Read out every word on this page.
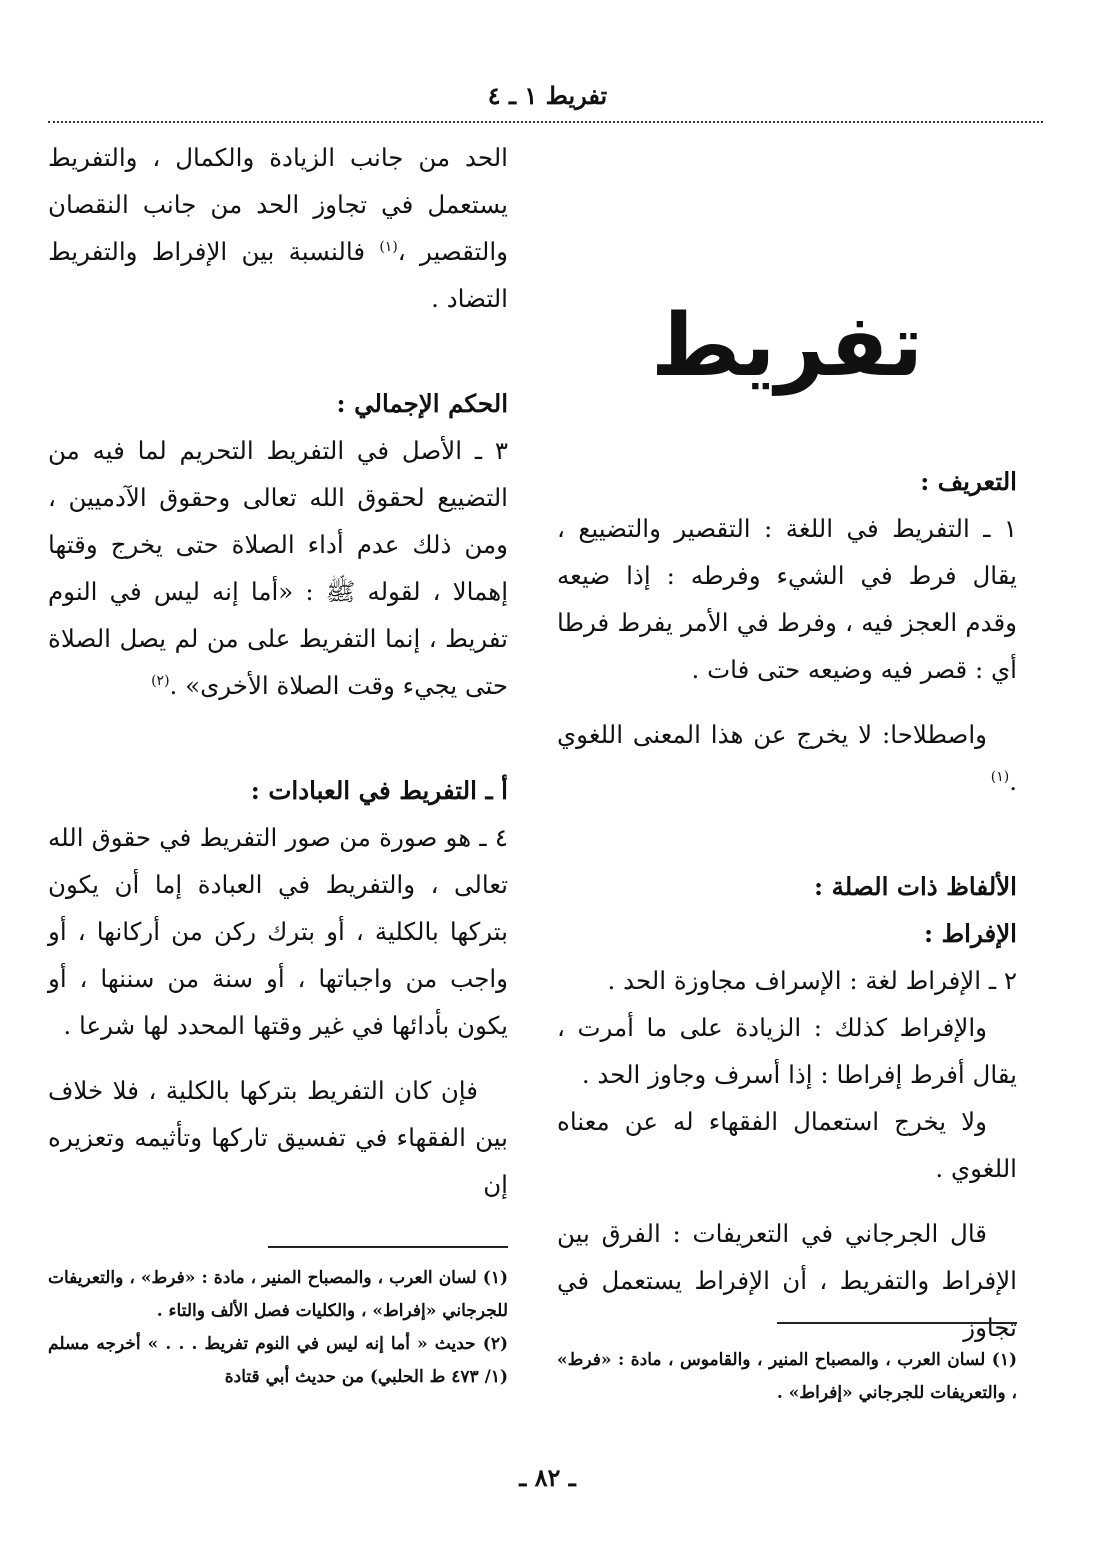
تفريط ١ ـ ٤
تفريط

التعريف :

١ ـ التفريط في اللغة : التقصير والتضييع ، يقال فرط في الشيء وفرطه : إذا ضيعه وقدم العجز فيه ، وفرط في الأمر يفرط فرطا أي : قصر فيه وضيعه حتى فات .

واصطلاحا: لا يخرج عن هذا المعنى اللغوي .$^{(١)}$

الألفاظ ذات الصلة :

الإفراط :

٢ ـ الإفراط لغة : الإسراف مجاوزة الحد .

والإفراط كذلك : الزيادة على ما أمرت ، يقال أفرط إفراطا : إذا أسرف وجاوز الحد .

ولا يخرج استعمال الفقهاء له عن معناه اللغوي .

قال الجرجاني في التعريفات : الفرق بين الإفراط والتفريط ، أن الإفراط يستعمل في تجاوز

الحد من جانب الزيادة والكمال ، والتفريط يستعمل في تجاوز الحد من جانب النقصان والتقصير ،$^{(١)}$ فالنسبة بين الإفراط والتفريط التضاد .

الحكم الإجمالي :

٣ ـ الأصل في التفريط التحريم لما فيه من التضييع لحقوق الله تعالى وحقوق الآدميين ، ومن ذلك عدم أداء الصلاة حتى يخرج وقتها إهمالا ، لقوله ﷺ : «أما إنه ليس في النوم تفريط ، إنما التفريط على من لم يصل الصلاة حتى يجيء وقت الصلاة الأخرى» .$^{(٢)}$

أ ـ التفريط في العبادات :

٤ ـ هو صورة من صور التفريط في حقوق الله تعالى ، والتفريط في العبادة إما أن يكون بتركها بالكلية ، أو بترك ركن من أركانها ، أو واجب من واجباتها ، أو سنة من سننها ، أو يكون بأدائها في غير وقتها المحدد لها شرعا .

فإن كان التفريط بتركها بالكلية ، فلا خلاف بين الفقهاء في تفسيق تاركها وتأثيمه وتعزيره إن

(١) لسان العرب ، والمصباح المنير ، مادة : «فرط» ، والتعريفات للجرجاني «إفراط» ، والكليات فصل الألف والتاء .

(٢) حديث « أما إنه ليس في النوم تفريط . . . » أخرجه مسلم (١/ ٤٧٣ ط الحلبي) من حديث أبي قتادة

(١) لسان العرب ، والمصباح المنير ، والقاموس ، مادة : «فرط» ، والتعريفات للجرجاني «إفراط» .

ـ ٨٢ ـ
